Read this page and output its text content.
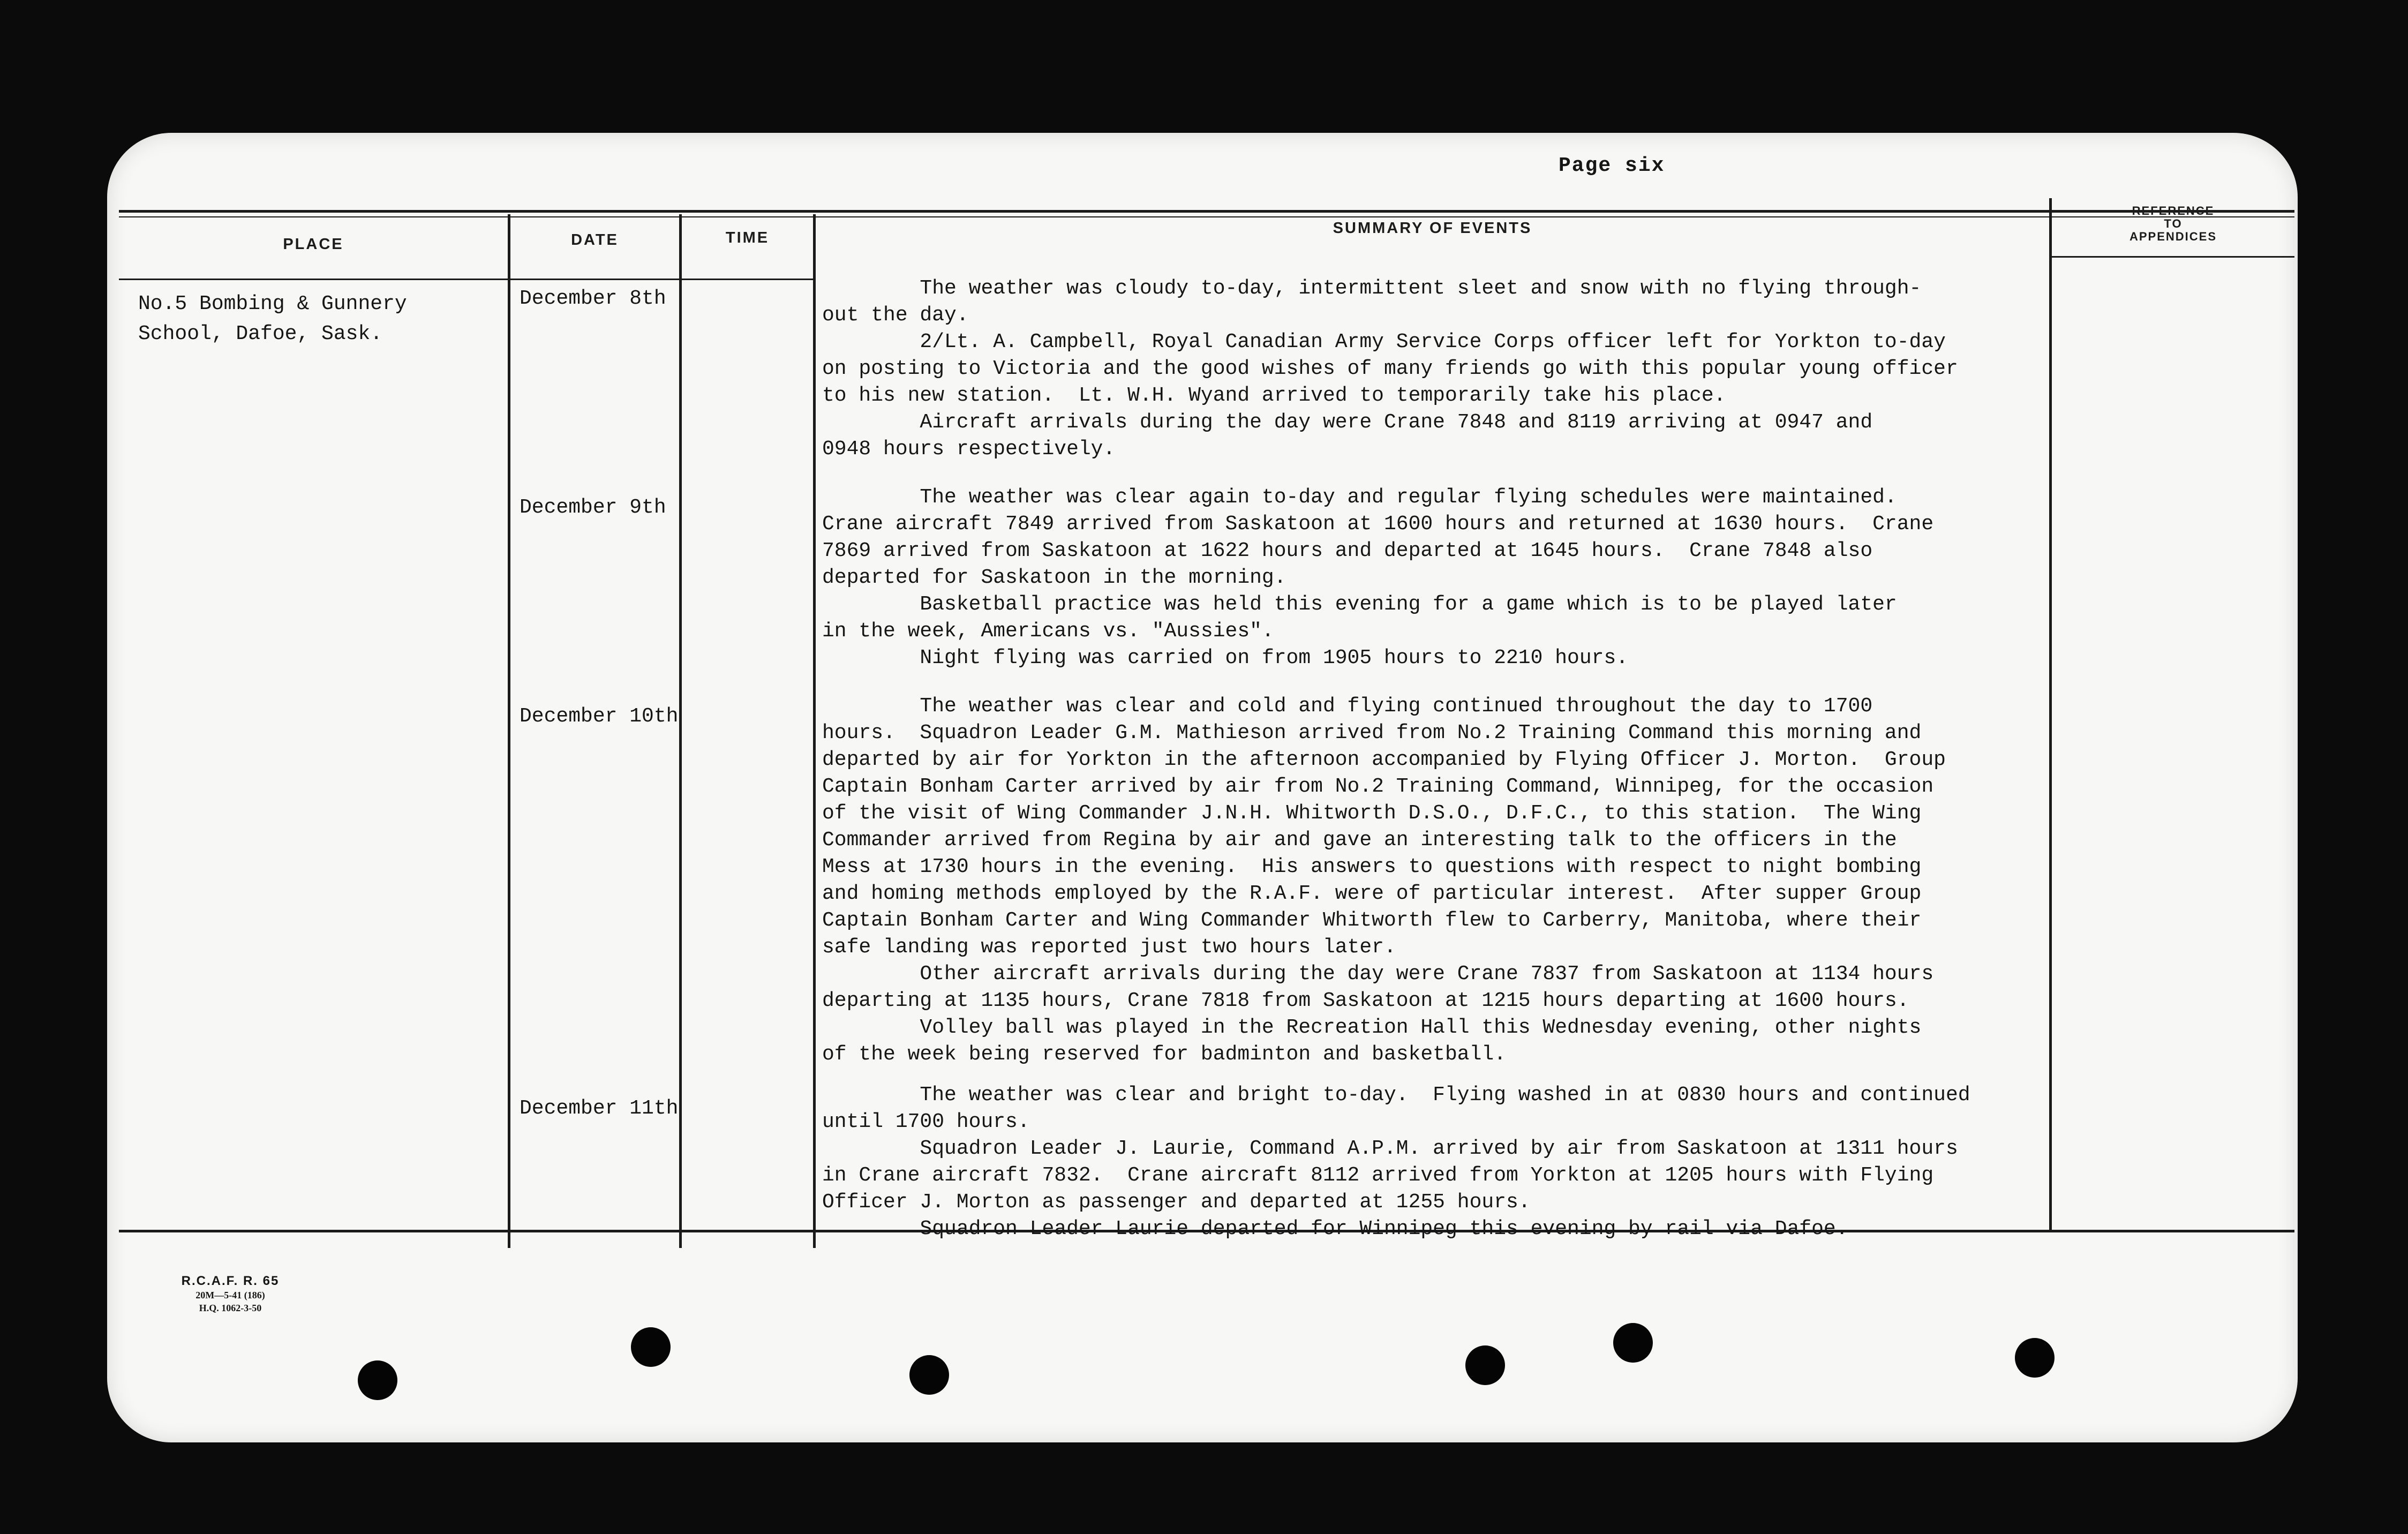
Page six
PLACE	DATE	TIME
SUMMARY OF EVENTS
REFERENCE
TO
APPENDICES
No.5 Bombing & Gunnery
School, Dafoe, Sask.
December 8th
December 9th
December 10th
December 11th
The weather was cloudy to-day, intermittent sleet and snow with no flying through-
out the day.
2/Lt. A. Campbell, Royal Canadian Army Service Corps officer left for Yorkton to-day
on posting to Victoria and the good wishes of many friends go with this popular young officer
to his new station.  Lt. W.H. Wyand arrived to temporarily take his place.
Aircraft arrivals during the day were Crane 7848 and 8119 arriving at 0947 and
0948 hours respectively.
The weather was clear again to-day and regular flying schedules were maintained.
Crane aircraft 7849 arrived from Saskatoon at 1600 hours and returned at 1630 hours.  Crane
7869 arrived from Saskatoon at 1622 hours and departed at 1645 hours.  Crane 7848 also
departed for Saskatoon in the morning.
Basketball practice was held this evening for a game which is to be played later
in the week, Americans vs. "Aussies".
Night flying was carried on from 1905 hours to 2210 hours.
The weather was clear and cold and flying continued throughout the day to 1700
hours.  Squadron Leader G.M. Mathieson arrived from No.2 Training Command this morning and
departed by air for Yorkton in the afternoon accompanied by Flying Officer J. Morton.  Group
Captain Bonham Carter arrived by air from No.2 Training Command, Winnipeg, for the occasion
of the visit of Wing Commander J.N.H. Whitworth D.S.O., D.F.C., to this station.  The Wing
Commander arrived from Regina by air and gave an interesting talk to the officers in the
Mess at 1730 hours in the evening.  His answers to questions with respect to night bombing
and homing methods employed by the R.A.F. were of particular interest.  After supper Group
Captain Bonham Carter and Wing Commander Whitworth flew to Carberry, Manitoba, where their
safe landing was reported just two hours later.
Other aircraft arrivals during the day were Crane 7837 from Saskatoon at 1134 hours
departing at 1135 hours, Crane 7818 from Saskatoon at 1215 hours departing at 1600 hours.
Volley ball was played in the Recreation Hall this Wednesday evening, other nights
of the week being reserved for badminton and basketball.
The weather was clear and bright to-day.  Flying washed in at 0830 hours and continued
until 1700 hours.
Squadron Leader J. Laurie, Command A.P.M. arrived by air from Saskatoon at 1311 hours
in Crane aircraft 7832.  Crane aircraft 8112 arrived from Yorkton at 1205 hours with Flying
Officer J. Morton as passenger and departed at 1255 hours.
Squadron Leader Laurie departed for Winnipeg this evening by rail via Dafoe.
R.C.A.F. R. 65
20M—5-41 (186)
H.Q. 1062-3-50
